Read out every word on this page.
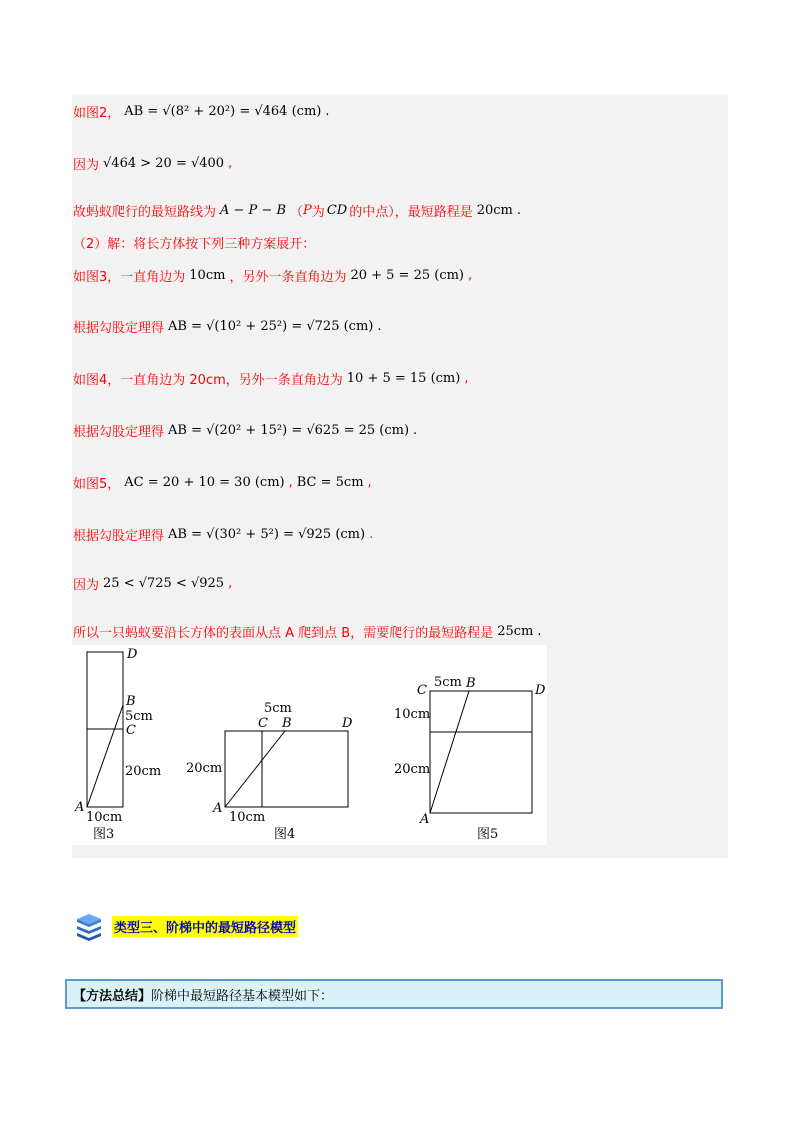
如图2， AB = √(8² + 20²) = √464 (cm) .
因为 √464 > 20 = √400 ,
故蚂蚁爬行的最短路线为 A − P − B （ P 为 CD 的中点），最短路程是 20cm .
（2）解：将长方体按下列三种方案展开：
如图3，一直角边为 10cm ，另外一条直角边为 20 + 5 = 25 (cm) ,
根据勾股定理得 AB = √(10² + 25²) = √725 (cm) .
如图4，一直角边为 20cm，另外一条直角边为 10 + 5 = 15 (cm) ,
根据勾股定理得 AB = √(20² + 15²) = √625 = 25 (cm) .
如图5， AC = 20 + 10 = 30 (cm) , BC = 5cm ,
根据勾股定理得 AB = √(30² + 5²) = √925 (cm) .
因为 25 < √725 < √925 ,
所以一只蚂蚁要沿长方体的表面从点 A 爬到点 B，需要爬行的最短路程是 25cm .
D
B
5cm
C
20cm
A
10cm
图3
5cm
C B	D
20cm
A
10cm
图4
C
5cm B	D
10cm
20cm
A
图5
类型三、阶梯中的最短路径模型
【方法总结】 阶梯中最短路径基本模型如下：
